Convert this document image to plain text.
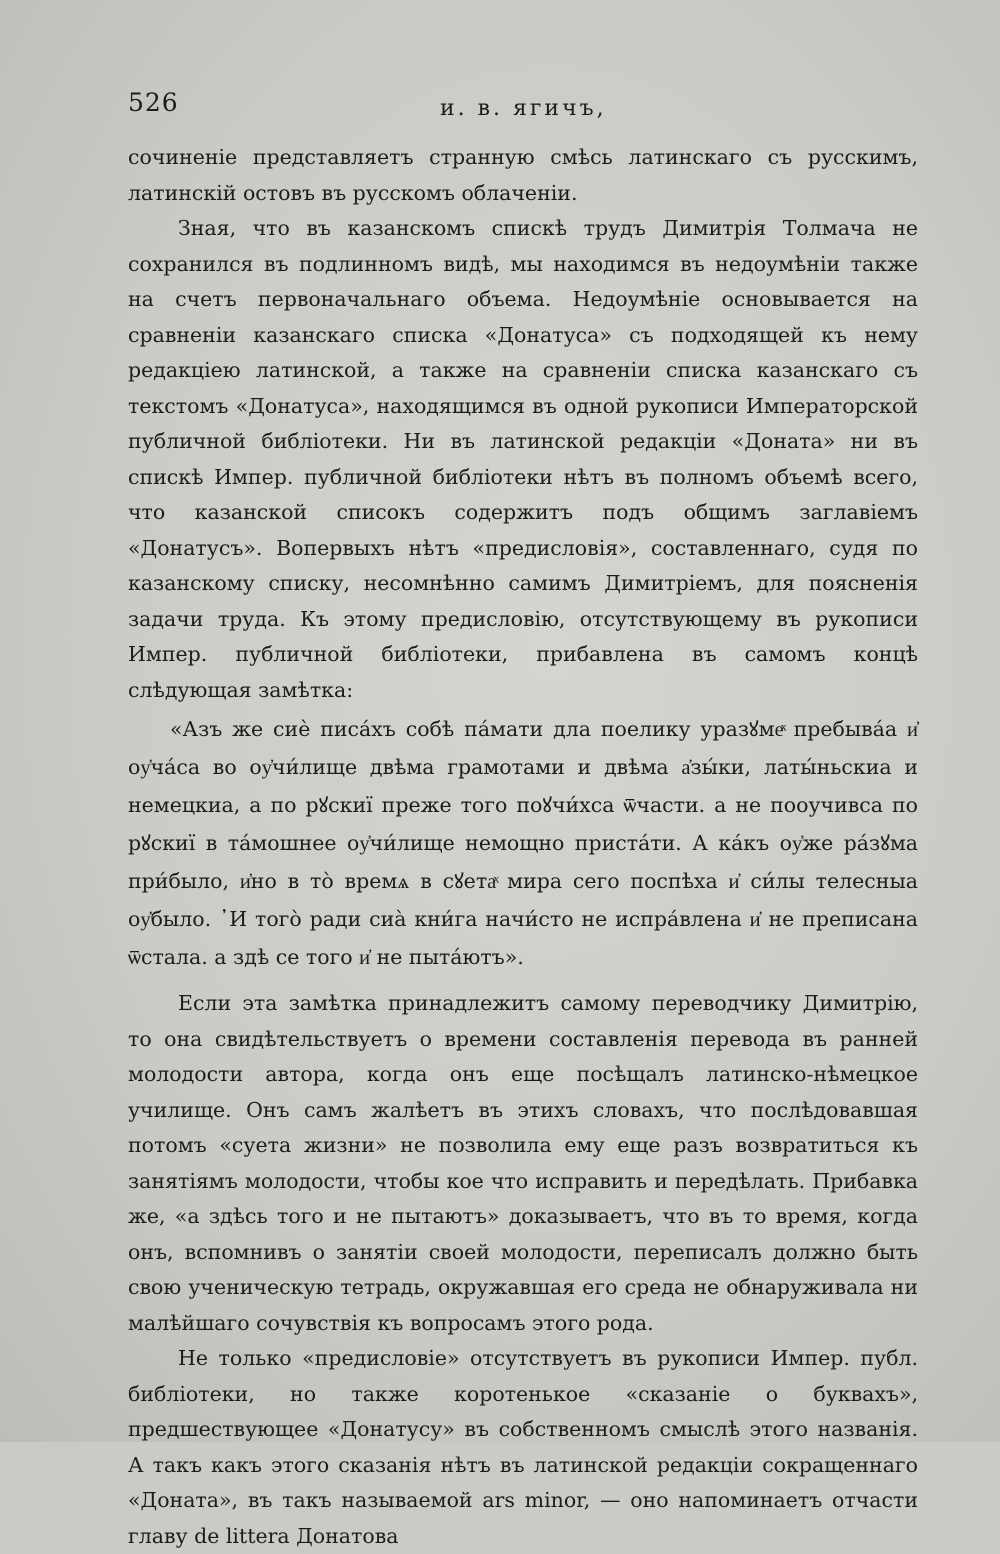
526	и. в. ягичъ,

сочиненіе представляетъ странную смѣсь латинскаго съ русскимъ, латинскій остовъ въ русскомъ облаченіи.

Зная, что въ казанскомъ спискѣ трудъ Димитрія Толмача не сохранился въ подлинномъ видѣ, мы находимся въ недоумѣніи также на счетъ первоначальнаго объема. Недоумѣніе основывается на сравненіи казанскаго списка «Донатуса» съ подходящей къ нему редакціею латинской, а также на сравненіи списка казанскаго съ текстомъ «Донатуса», находящимся въ одной рукописи Императорской публичной библіотеки. Ни въ латинской редакціи «Доната» ни въ спискѣ Импер. публичной библіотеки нѣтъ въ полномъ объемѣ всего, что казанской списокъ содержитъ подъ общимъ заглавіемъ «Донатусъ». Вопервыхъ нѣтъ «предисловія», составленнаго, судя по казанскому списку, несомнѣнно самимъ Димитріемъ, для поясненія задачи труда. Къ этому предисловію, отсутствующему въ рукописи Импер. публичной библіотеки, прибавлена въ самомъ концѣ слѣдующая замѣтка:

«Азъ же сиѐ писа́хъ собѣ па́мати дла поелику уразꙋмеͯ пребыва́а и҆ оу҆ча́са во оу҆чи́лище двѣма грамотами и двѣма а҆зы́ки, латы́ньскиа и немецкиа, а по рꙋскиї преже того поꙋчи́хса ѿчасти. а не пооучивса по рꙋскиї в та́мошнее оу҆чи́лище немощно приста́ти. А ка́къ оу҆же ра́зꙋма при́было, и҆но в то̀ времѧ в сꙋетаͯ мира сего поспѣха и҆ си́лы телесныа оу҆было. ᾿И того̀ ради сиа̀ кни́га начи́сто не испра́влена и҆ не преписана ѿстала. а здѣ се того и҆ не пыта́ютъ».

Если эта замѣтка принадлежитъ самому переводчику Димитрію, то она свидѣтельствуетъ о времени составленія перевода въ ранней молодости автора, когда онъ еще посѣщалъ латинско-нѣмецкое училище. Онъ самъ жалѣетъ въ этихъ словахъ, что послѣдовавшая потомъ «суета жизни» не позволила ему еще разъ возвратиться къ занятіямъ молодости, чтобы кое что исправить и передѣлать. Прибавка же, «а здѣсь того и не пытаютъ» доказываетъ, что въ то время, когда онъ, вспомнивъ о занятіи своей молодости, переписалъ должно быть свою ученическую тетрадь, окружавшая его среда не обнаруживала ни малѣйшаго сочувствія къ вопросамъ этого рода.

Не только «предисловіе» отсутствуетъ въ рукописи Импер. публ. библіотеки, но также коротенькое «сказаніе о буквахъ», предшествующее «Донатусу» въ собственномъ смыслѣ этого названія. А такъ какъ этого сказанія нѣтъ въ латинской редакціи сокращеннаго «Доната», въ такъ называемой ars minor, — оно напоминаетъ отчасти главу de littera Донатова
